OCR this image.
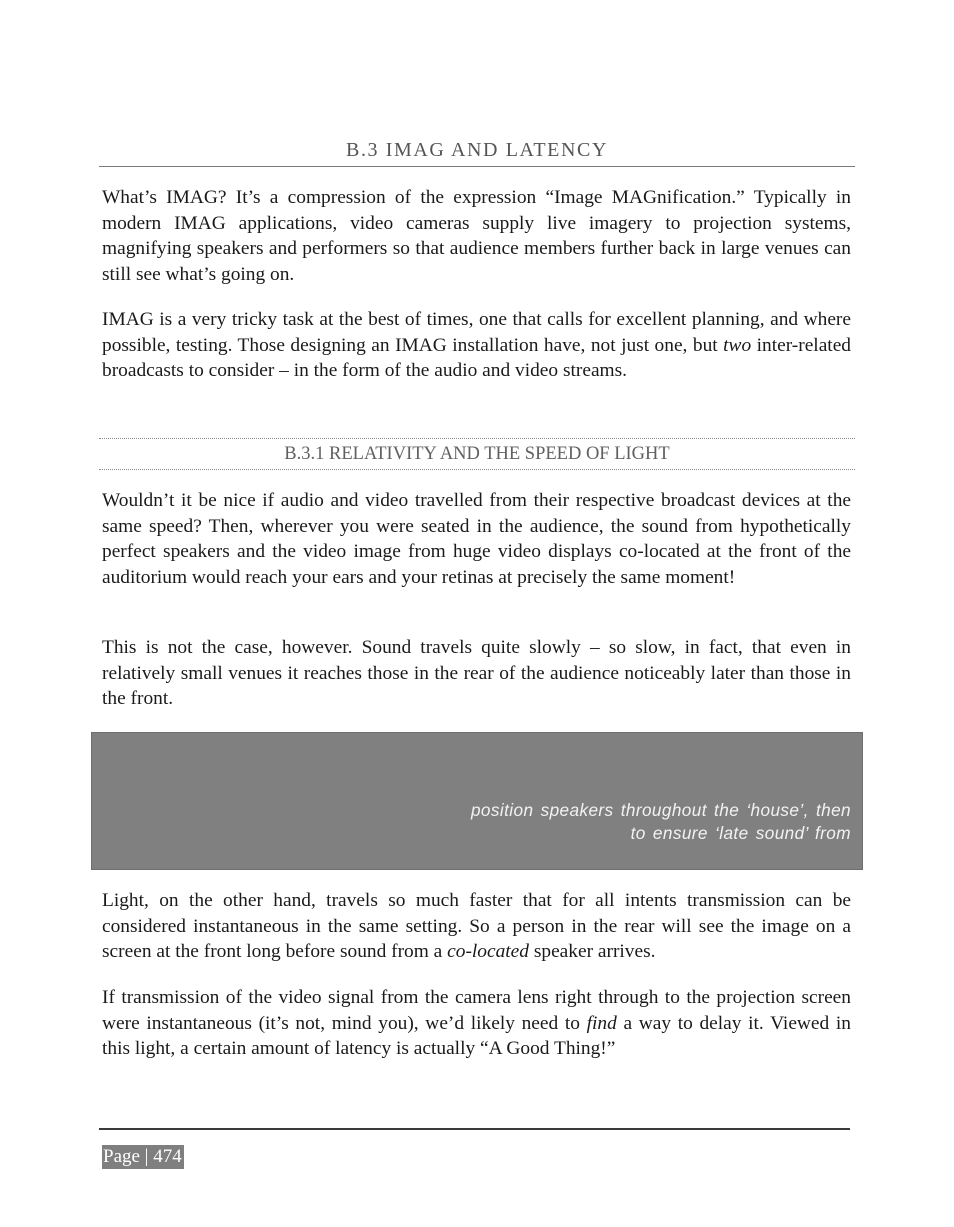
B.3 IMAG AND LATENCY

What’s IMAG? It’s a compression of the expression “Image MAGnification.” Typically in modern IMAG applications, video cameras supply live imagery to projection systems, magnifying speakers and performers so that audience members further back in large venues can still see what’s going on.

IMAG is a very tricky task at the best of times, one that calls for excellent planning, and where possible, testing. Those designing an IMAG installation have, not just one, but two inter-related broadcasts to consider – in the form of the audio and video streams.

B.3.1 RELATIVITY AND THE SPEED OF LIGHT

Wouldn’t it be nice if audio and video travelled from their respective broadcast devices at the same speed? Then, wherever you were seated in the audience, the sound from hypothetically perfect speakers and the video image from huge video displays co-located at the front of the auditorium would reach your ears and your retinas at precisely the same moment!

This is not the case, however. Sound travels quite slowly – so slow, in fact, that even in relatively small venues it reaches those in the rear of the audience noticeably later than those in the front.

position speakers throughout the ‘house’, then
to ensure ‘late sound’ from

Light, on the other hand, travels so much faster that for all intents transmission can be considered instantaneous in the same setting. So a person in the rear will see the image on a screen at the front long before sound from a co-located speaker arrives.

If transmission of the video signal from the camera lens right through to the projection screen were instantaneous (it’s not, mind you), we’d likely need to find a way to delay it. Viewed in this light, a certain amount of latency is actually “A Good Thing!”

Page | 474
